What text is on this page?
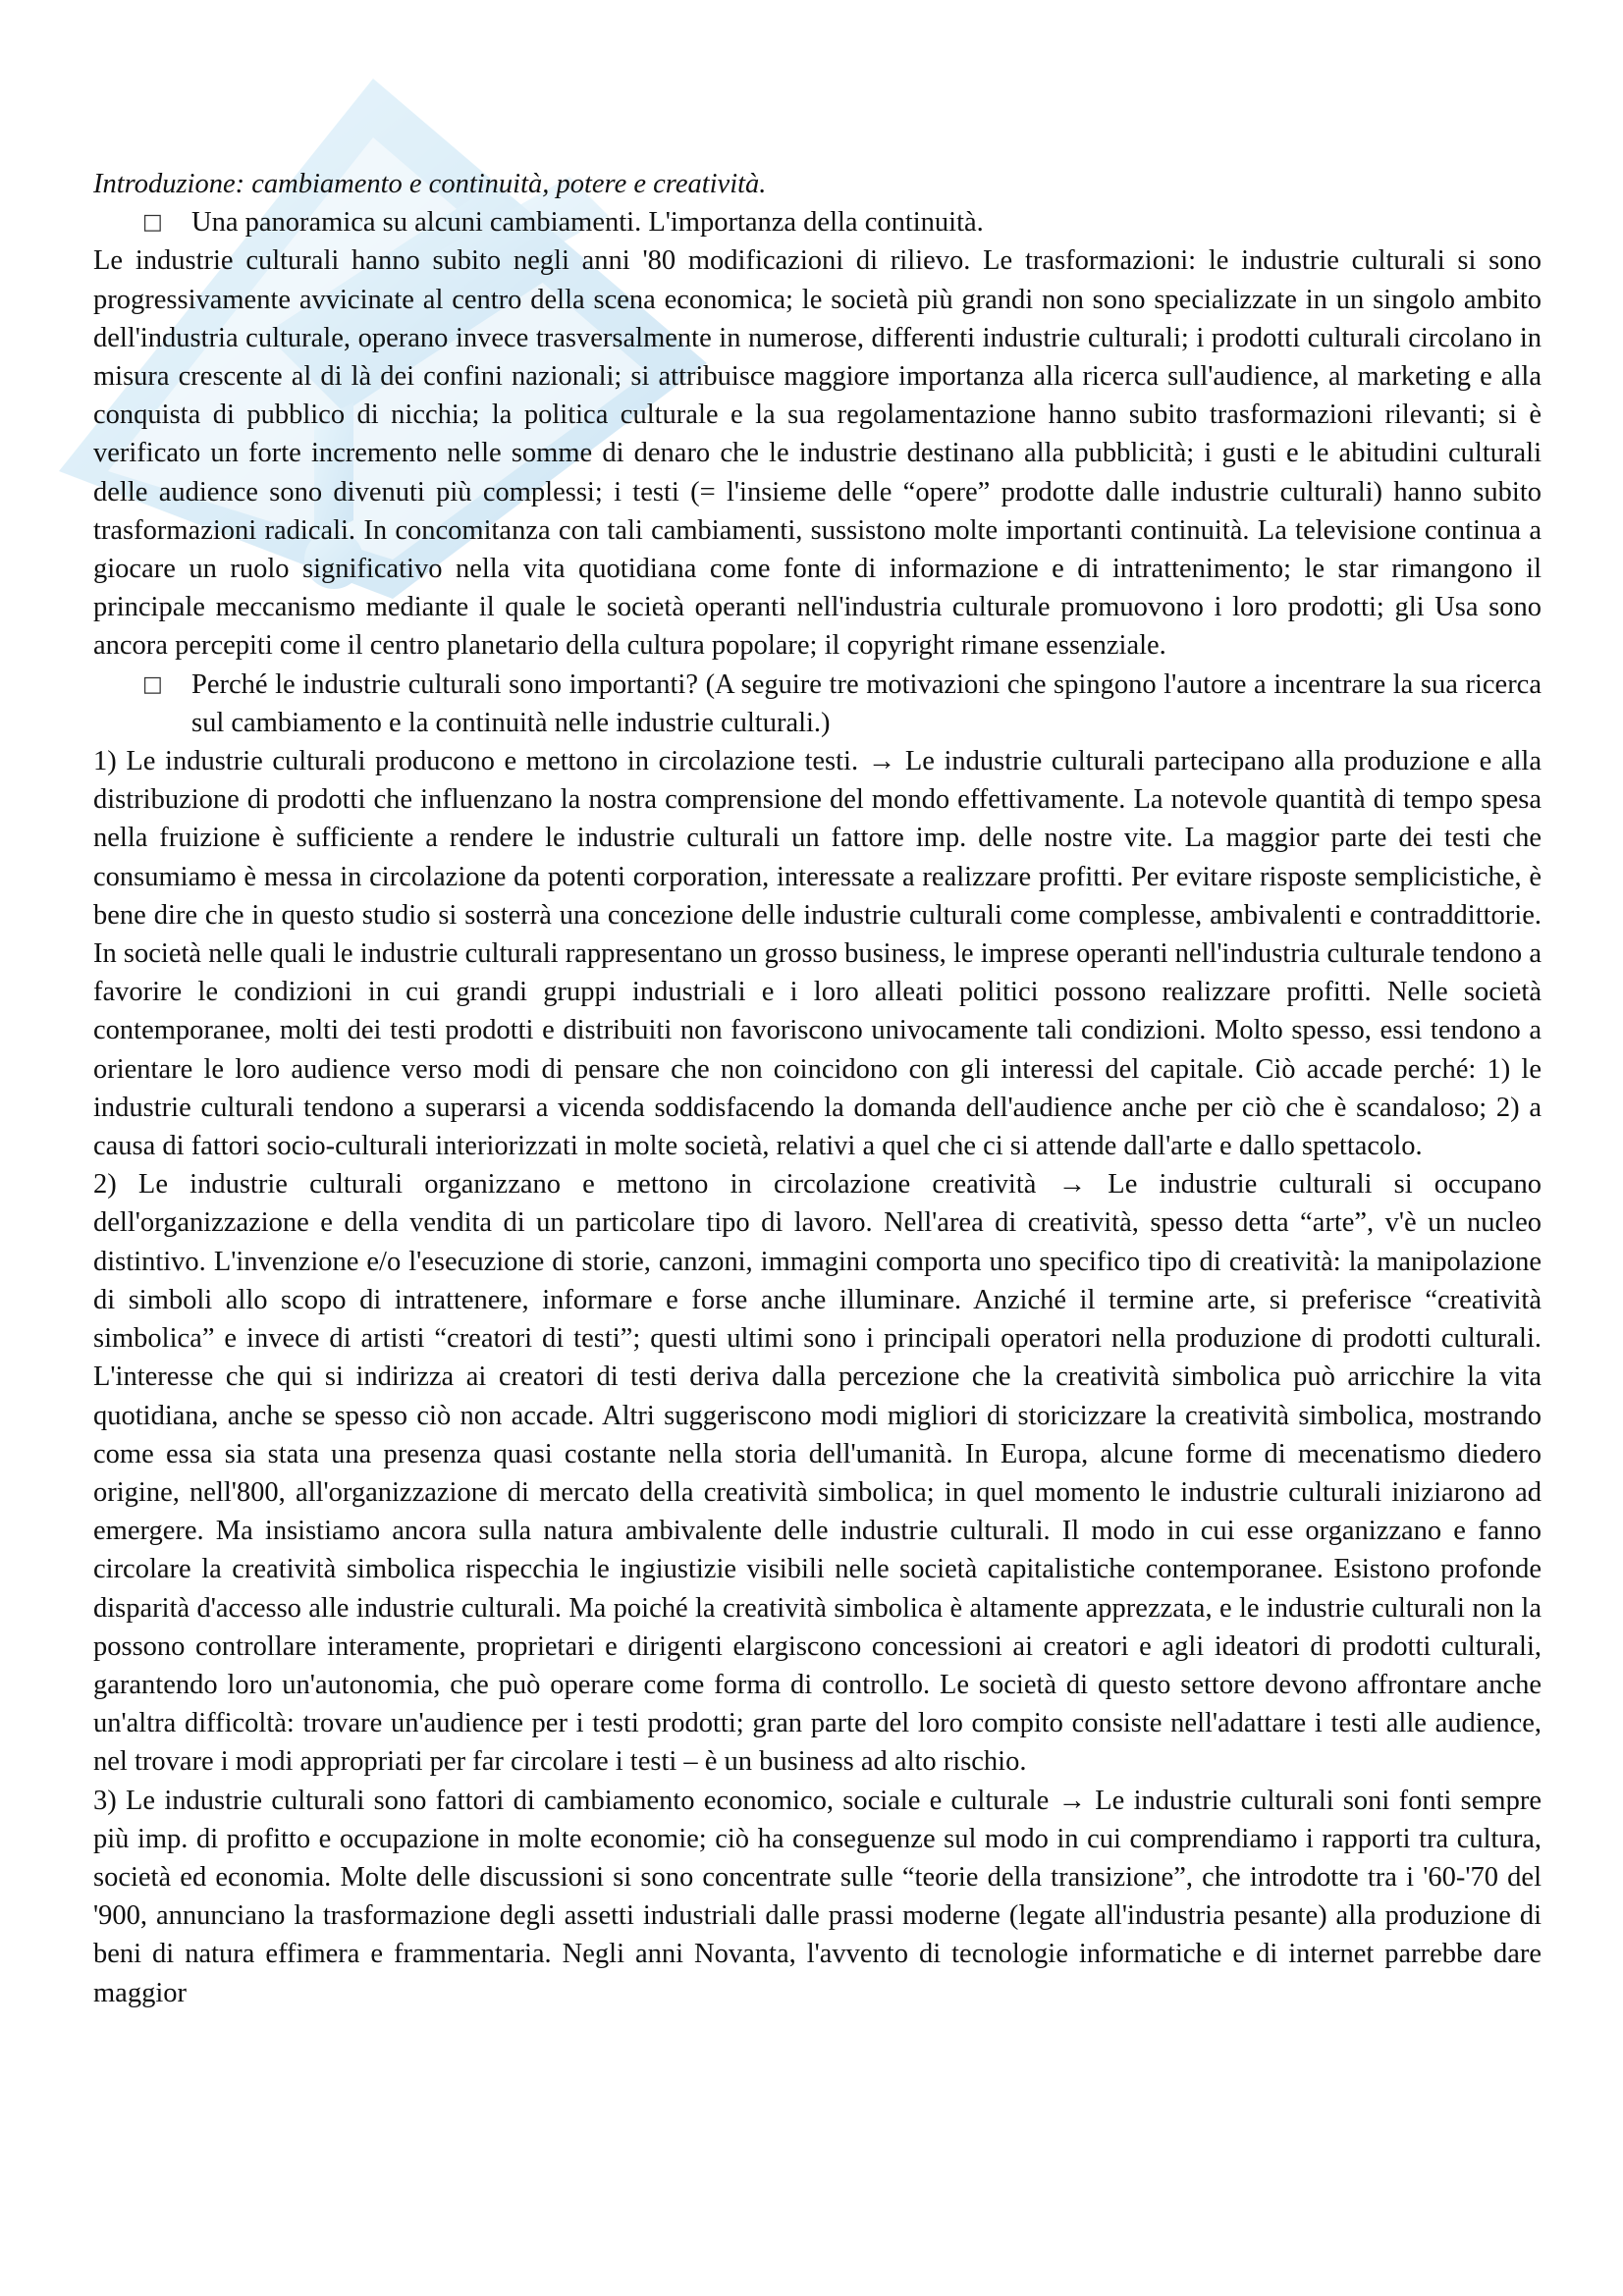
Introduzione: cambiamento e continuità, potere e creatività.

□	Una panoramica su alcuni cambiamenti. L'importanza della continuità.

Le industrie culturali hanno subito negli anni '80 modificazioni di rilievo. Le trasformazioni: le industrie culturali si sono progressivamente avvicinate al centro della scena economica; le società più grandi non sono specializzate in un singolo ambito dell'industria culturale, operano invece trasversalmente in numerose, differenti industrie culturali; i prodotti culturali circolano in misura crescente al di là dei confini nazionali; si attribuisce maggiore importanza alla ricerca sull'audience, al marketing e alla conquista di pubblico di nicchia; la politica culturale e la sua regolamentazione hanno subito trasformazioni rilevanti; si è verificato un forte incremento nelle somme di denaro che le industrie destinano alla pubblicità; i gusti e le abitudini culturali delle audience sono divenuti più complessi; i testi (= l'insieme delle “opere” prodotte dalle industrie culturali) hanno subito trasformazioni radicali. In concomitanza con tali cambiamenti, sussistono molte importanti continuità. La televisione continua a giocare un ruolo significativo nella vita quotidiana come fonte di informazione e di intrattenimento; le star rimangono il principale meccanismo mediante il quale le società operanti nell'industria culturale promuovono i loro prodotti; gli Usa sono ancora percepiti come il centro planetario della cultura popolare; il copyright rimane essenziale.

□	Perché le industrie culturali sono importanti? (A seguire tre motivazioni che spingono l'autore a incentrare la sua ricerca sul cambiamento e la continuità nelle industrie culturali.)

1) Le industrie culturali producono e mettono in circolazione testi. → Le industrie culturali partecipano alla produzione e alla distribuzione di prodotti che influenzano la nostra comprensione del mondo effettivamente. La notevole quantità di tempo spesa nella fruizione è sufficiente a rendere le industrie culturali un fattore imp. delle nostre vite. La maggior parte dei testi che consumiamo è messa in circolazione da potenti corporation, interessate a realizzare profitti. Per evitare risposte semplicistiche, è bene dire che in questo studio si sosterrà una concezione delle industrie culturali come complesse, ambivalenti e contraddittorie. In società nelle quali le industrie culturali rappresentano un grosso business, le imprese operanti nell'industria culturale tendono a favorire le condizioni in cui grandi gruppi industriali e i loro alleati politici possono realizzare profitti. Nelle società contemporanee, molti dei testi prodotti e distribuiti non favoriscono univocamente tali condizioni. Molto spesso, essi tendono a orientare le loro audience verso modi di pensare che non coincidono con gli interessi del capitale. Ciò accade perché: 1) le industrie culturali tendono a superarsi a vicenda soddisfacendo la domanda dell'audience anche per ciò che è scandaloso; 2) a causa di fattori socio-culturali interiorizzati in molte società, relativi a quel che ci si attende dall'arte e dallo spettacolo.

2) Le industrie culturali organizzano e mettono in circolazione creatività → Le industrie culturali si occupano dell'organizzazione e della vendita di un particolare tipo di lavoro. Nell'area di creatività, spesso detta “arte”, v'è un nucleo distintivo. L'invenzione e/o l'esecuzione di storie, canzoni, immagini comporta uno specifico tipo di creatività: la manipolazione di simboli allo scopo di intrattenere, informare e forse anche illuminare. Anziché il termine arte, si preferisce “creatività simbolica” e invece di artisti “creatori di testi”; questi ultimi sono i principali operatori nella produzione di prodotti culturali. L'interesse che qui si indirizza ai creatori di testi deriva dalla percezione che la creatività simbolica può arricchire la vita quotidiana, anche se spesso ciò non accade. Altri suggeriscono modi migliori di storicizzare la creatività simbolica, mostrando come essa sia stata una presenza quasi costante nella storia dell'umanità. In Europa, alcune forme di mecenatismo diedero origine, nell'800, all'organizzazione di mercato della creatività simbolica; in quel momento le industrie culturali iniziarono ad emergere. Ma insistiamo ancora sulla natura ambivalente delle industrie culturali. Il modo in cui esse organizzano e fanno circolare la creatività simbolica rispecchia le ingiustizie visibili nelle società capitalistiche contemporanee. Esistono profonde disparità d'accesso alle industrie culturali. Ma poiché la creatività simbolica è altamente apprezzata, e le industrie culturali non la possono controllare interamente, proprietari e dirigenti elargiscono concessioni ai creatori e agli ideatori di prodotti culturali, garantendo loro un'autonomia, che può operare come forma di controllo. Le società di questo settore devono affrontare anche un'altra difficoltà: trovare un'audience per i testi prodotti; gran parte del loro compito consiste nell'adattare i testi alle audience, nel trovare i modi appropriati per far circolare i testi – è un business ad alto rischio.

3) Le industrie culturali sono fattori di cambiamento economico, sociale e culturale → Le industrie culturali soni fonti sempre più imp. di profitto e occupazione in molte economie; ciò ha conseguenze sul modo in cui comprendiamo i rapporti tra cultura, società ed economia. Molte delle discussioni si sono concentrate sulle “teorie della transizione”, che introdotte tra i '60-'70 del '900, annunciano la trasformazione degli assetti industriali dalle prassi moderne (legate all'industria pesante) alla produzione di beni di natura effimera e frammentaria. Negli anni Novanta, l'avvento di tecnologie informatiche e di internet parrebbe dare maggior
